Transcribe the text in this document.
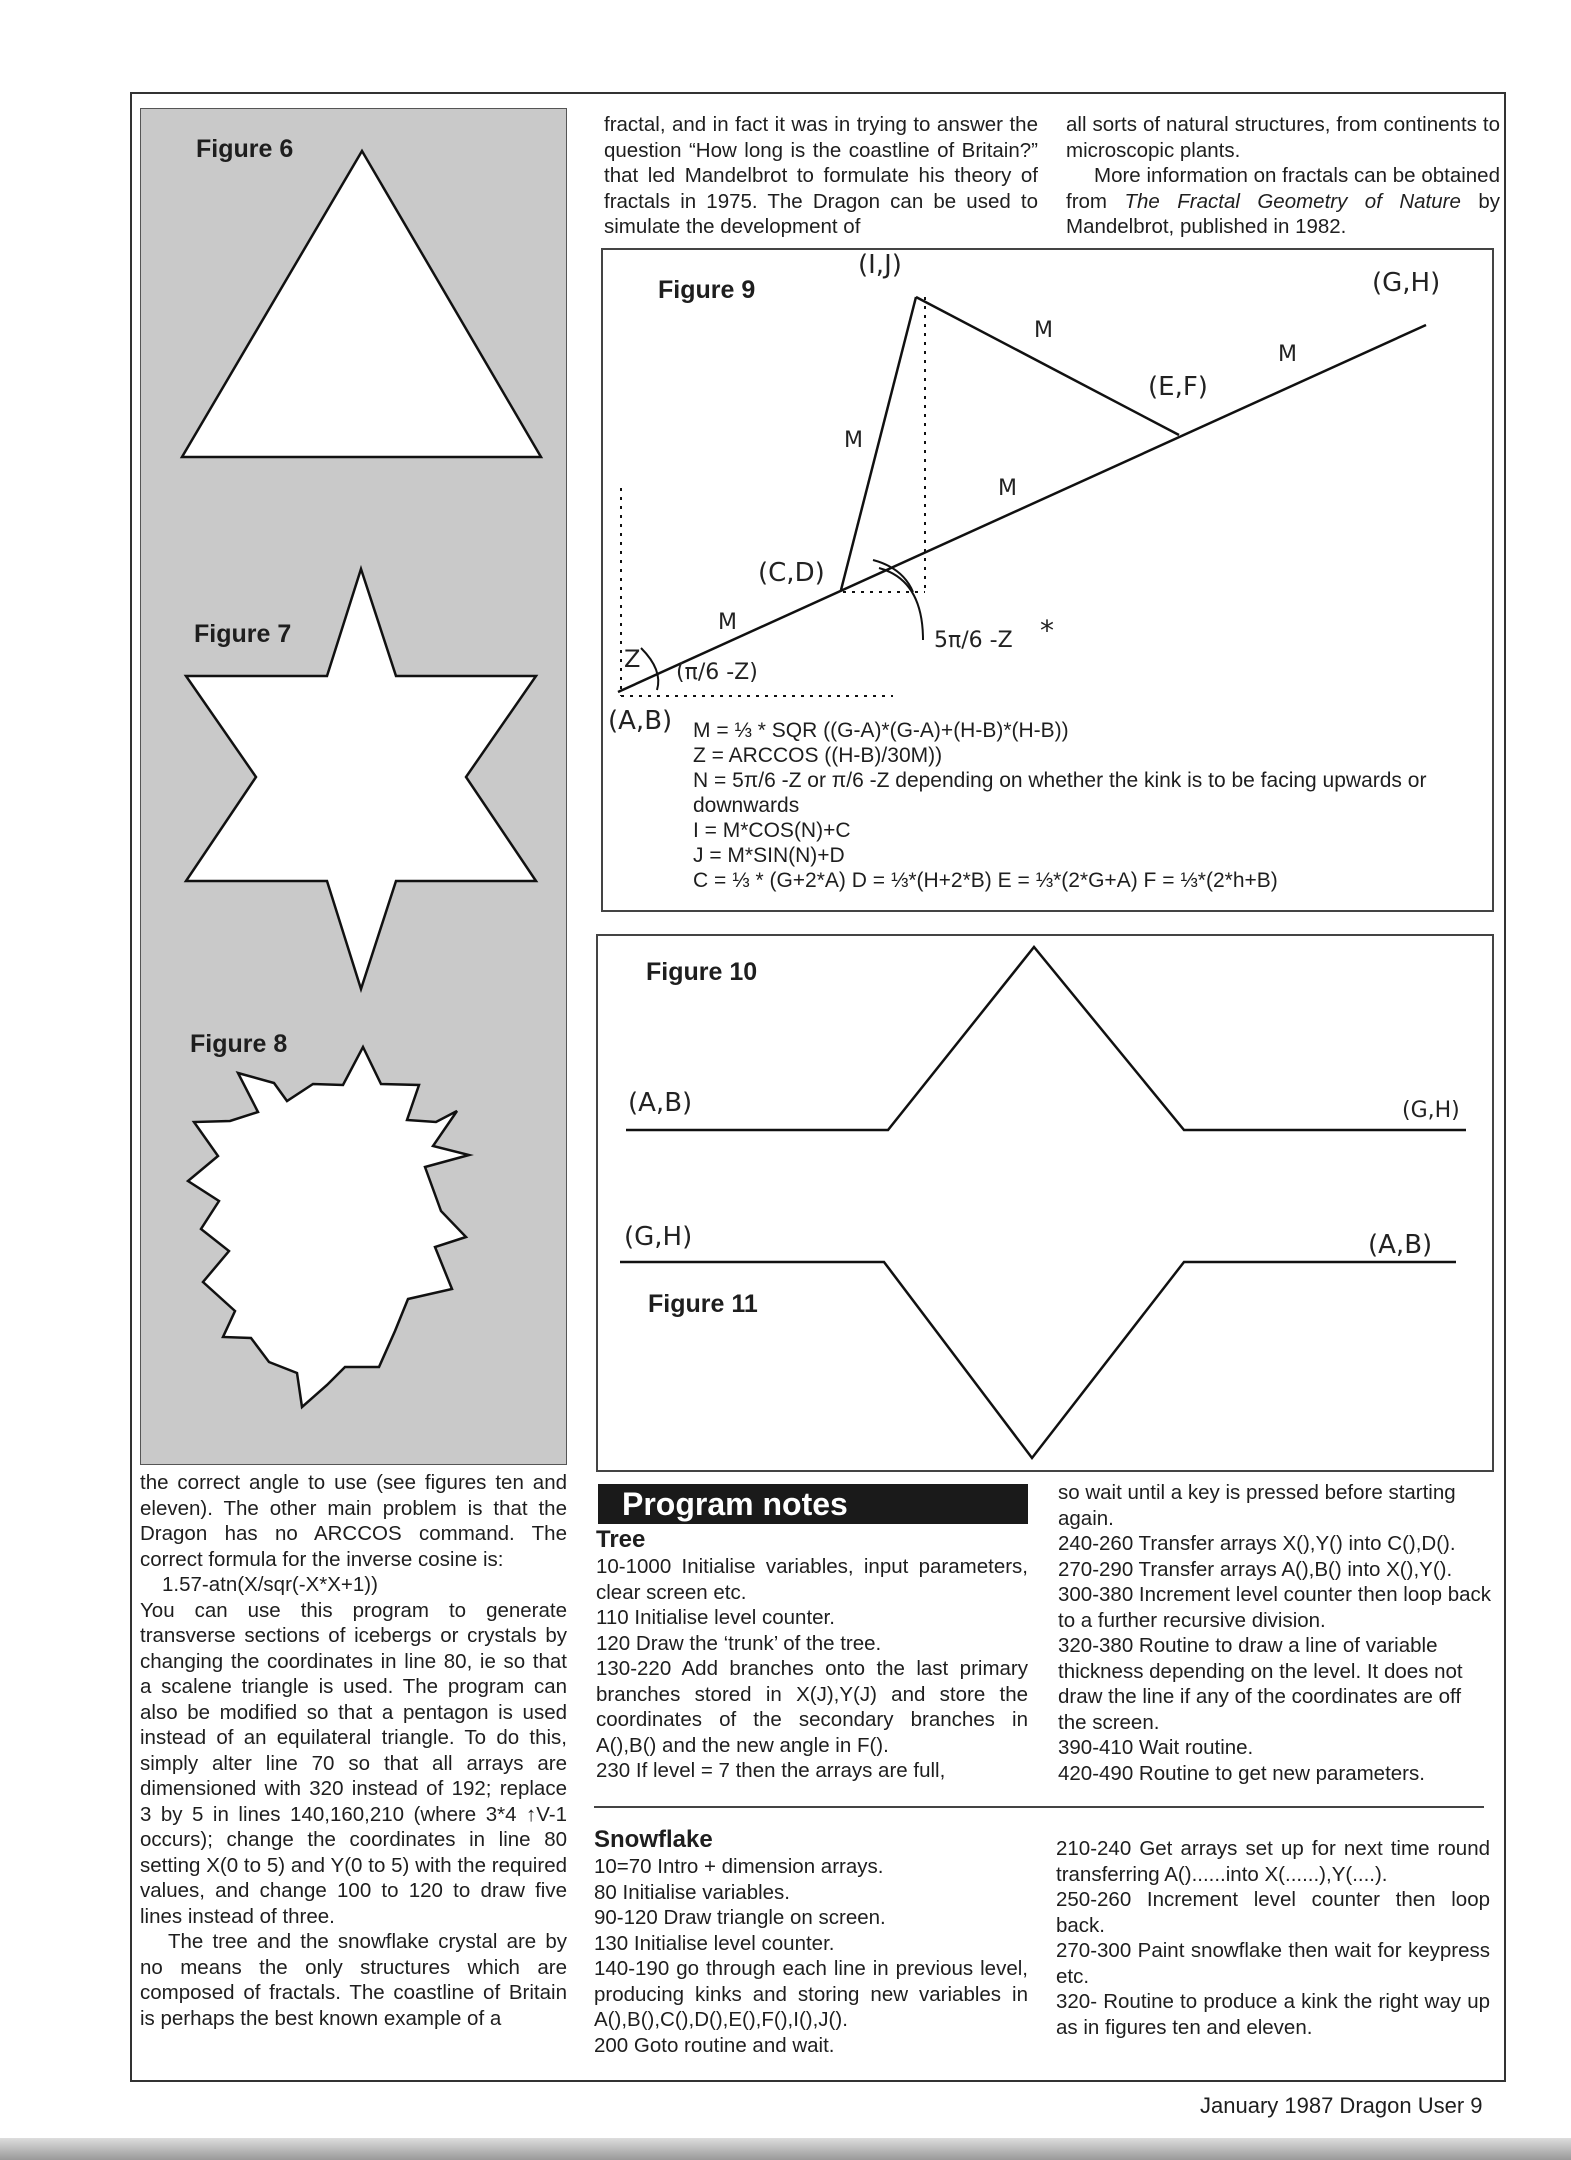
Figure 6
Figure 7
Figure 8

the correct angle to use (see figures ten and eleven). The other main problem is that the Dragon has no ARCCOS command. The correct formula for the inverse cosine is:

1.57-atn(X/sqr(-X*X+1))

You can use this program to generate transverse sections of icebergs or crystals by changing the coordinates in line 80, ie so that a scalene triangle is used. The program can also be modified so that a pentagon is used instead of an equilateral triangle. To do this, simply alter line 70 so that all arrays are dimensioned with 320 instead of 192; replace 3 by 5 in lines 140,160,210 (where 3*4 ↑V-1 occurs); change the coordinates in line 80 setting X(0 to 5) and Y(0 to 5) with the required values, and change 100 to 120 to draw five lines instead of three.

The tree and the snowflake crystal are by no means the only structures which are composed of fractals. The coastline of Britain is perhaps the best known example of a

fractal, and in fact it was in trying to answer the question “How long is the coastline of Britain?” that led Mandelbrot to formulate his theory of fractals in 1975. The Dragon can be used to simulate the development of

all sorts of natural structures, from continents to microscopic plants.

More information on fractals can be obtained from The Fractal Geometry of Nature by Mandelbrot, published in 1982.

Figure 9
(I,J)
(G,H)
(E,F)
(C,D)
(A,B)
M
M
M
M
M
Z (π/6 -Z)
5π/6 -Z *
M = ⅓ * SQR ((G-A)*(G-A)+(H-B)*(H-B))
Z = ARCCOS ((H-B)/30M))
N = 5π/6 -Z or π/6 -Z depending on whether the kink is to be facing upwards or downwards
I = M*COS(N)+C
J = M*SIN(N)+D
C = ⅓ * (G+2*A) D = ⅓*(H+2*B) E = ⅓*(2*G+A) F = ⅓*(2*h+B)
Figure 10
Figure 11
(A,B)	(G,H)
(G,H)	(A,B)
Program notes
Tree

10-1000 Initialise variables, input parameters, clear screen etc.

110 Initialise level counter.

120 Draw the ‘trunk’ of the tree.

130-220 Add branches onto the last primary branches stored in X(J),Y(J) and store the coordinates of the secondary branches in A(),B() and the new angle in F().

230 If level = 7 then the arrays are full,

so wait until a key is pressed before starting again.

240-260 Transfer arrays X(),Y() into C(),D().

270-290 Transfer arrays A(),B() into X(),Y().

300-380 Increment level counter then loop back to a further recursive division.

320-380 Routine to draw a line of variable thickness depending on the level. It does not draw the line if any of the coordinates are off the screen.

390-410 Wait routine.

420-490 Routine to get new parameters.

Snowflake

10=70 Intro + dimension arrays.

80 Initialise variables.

90-120 Draw triangle on screen.

130 Initialise level counter.

140-190 go through each line in previous level, producing kinks and storing new variables in A(),B(),C(),D(),E(),F(),I(),J().

200 Goto routine and wait.

210-240 Get arrays set up for next time round transferring A()......into X(......),Y(....).

250-260 Increment level counter then loop back.

270-300 Paint snowflake then wait for keypress etc.

320- Routine to produce a kink the right way up as in figures ten and eleven.

January 1987 Dragon User 9
